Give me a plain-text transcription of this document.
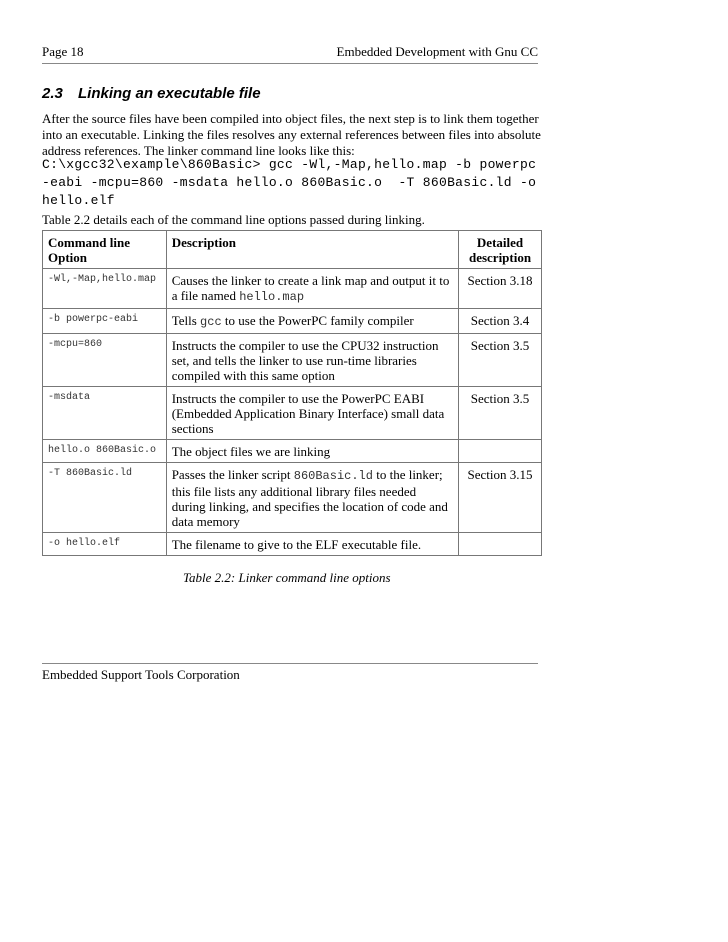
Page 18	Embedded Development with Gnu CC
2.3 Linking an executable file
After the source files have been compiled into object files, the next step is to link them together into an executable. Linking the files resolves any external references between files into absolute address references. The linker command line looks like this:
C:\xgcc32\example\860Basic> gcc -Wl,-Map,hello.map -b powerpc-eabi -mcpu=860 -msdata hello.o 860Basic.o  -T 860Basic.ld -o hello.elf
Table 2.2 details each of the command line options passed during linking.
Command line Option	Description	Detailed description
-Wl,-Map,hello.map	Causes the linker to create a link map and output it to a file named hello.map	Section 3.18
-b powerpc-eabi	Tells gcc to use the PowerPC family compiler	Section 3.4
-mcpu=860	Instructs the compiler to use the CPU32 instruction set, and tells the linker to use run-time libraries compiled with this same option	Section 3.5
-msdata	Instructs the compiler to use the PowerPC EABI (Embedded Application Binary Interface) small data sections	Section 3.5
hello.o 860Basic.o	The object files we are linking	
-T 860Basic.ld	Passes the linker script 860Basic.ld to the linker; this file lists any additional library files needed during linking, and specifies the location of code and data memory	Section 3.15
-o hello.elf	The filename to give to the ELF executable file.	
Table 2.2: Linker command line options
Embedded Support Tools Corporation
